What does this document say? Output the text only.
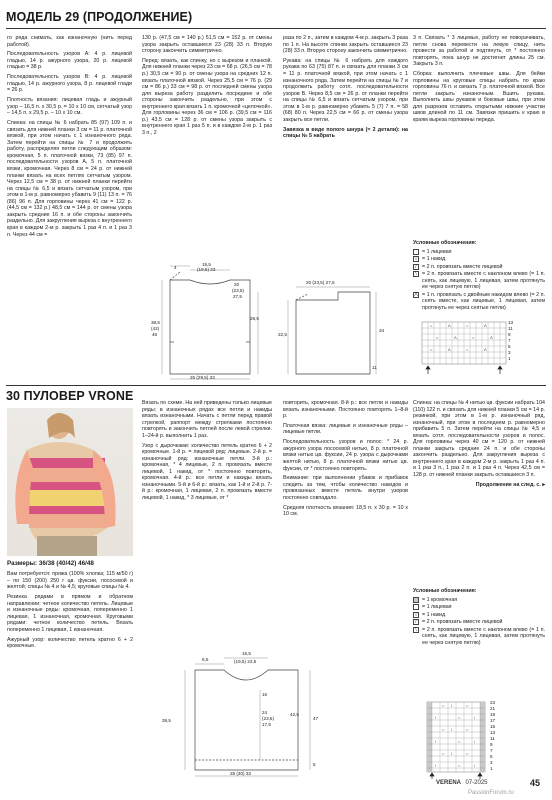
МОДЕЛЬ 29 (ПРОДОЛЖЕНИЕ)

го ряда снимать, как изнаночную (нить перед работой).

Последовательность узоров А: 4 р. лицевой гладью, 14 р. ажурного узора, 20 р. лицевой гладью = 38 р.

Последовательность узоров В: 4 р. лицевой гладью, 14 р. ажурного узора, 8 р. лицевой глади = 26 р.

Плотность вязания: лицевая гладь и ажурный узор – 16,5 п. x 30,5 р. = 10 x 10 см, сетчатый узор – 14,5 п. x 29,5 р. – 10 x 10 см.

Спинка: на спицы № 6 набрать 85 (97) 109 п. и связать для нижней планки 3 см = 11 р. платочной вязкой, при этом начать с 1 изнаночного ряда. Затем перейти на спицы № 7 и продолжить работу, распределяя петли следующим образом: кромочная, 5 п. платочной вязки, 73 (85) 97 п. последовательности узоров А, 5 п. платочной вязки, кромочная. Через 8 см = 24 р. от нижней планки вязать на всех петлях сетчатым узором. Через 12,5 см = 38 р. от нижней планки перейти на спицы № 6,5 и вязать сетчатым узором, при этом в 1-м р. равномерно убавить 9 (11) 13 п. = 76 (86) 96 п. Для горловины через 41 см = 122 р. (44,5 см = 132 р.) 48,5 см = 144 р. от смены узора закрыть средние 16 п. и обе стороны закончить раздельно. Для закругления выреза с внутреннего края в каждом 2-м р. закрыть 1 раз 4 п. и 1 раз 3 п. Через 44 см =

130 р. (47,5 см = 140 р.) 51,5 см = 152 р. от смены узора закрыть оставшиеся 23 (28) 33 п. Вторую сторону закончить симметрично.

Перед: вязать, как спинку, но с вырезом и планкой. Для нижней планки через 23 см = 68 р. (26,5 см = 78 р.) 30,5 см = 90 р. от смены узора на средних 12 п. вязать платочной вязкой. Через 25,5 см = 76 р. (29 см = 86 р.) 33 см = 98 р. от последней смены узора для выреза работу разделить посредине и обе стороны закончить раздельно, при этом с внутреннего края вязать 1 п. кромочной «цепочкой». Для горловины через 36 см = 106 р. (39,5 см = 116 р.) 43,5 см = 128 р. от смены узора закрыть с внутреннего края 1 раз 5 п. и в каждом 2-м р. 1 раз 3 п., 2

раза по 2 п., затем в каждом 4-м р. закрыть 3 раза по 1 п. На высоте спинки закрыть оставшиеся 23 (28) 33 п. Вторую сторону закончить симметрично.

Рукава: на спицы № 6 набрать для каждого рукава по 63 (75) 87 п. и связать для планки 3 см = 11 р. платочной вязкой, при этом начать с 1 изнаночного ряда. Затем перейти на спицы № 7 и продолжить работу сотл. последовательности узоров В. Через 8,5 см = 26 р. от планки перейти на спицы № 6,5 и вязать сетчатым узором, при этом в 1-м р. равномерно убавить 5 (7) 7 п. = 58 (68) 80 п. Через 22,5 см = 66 р. от смены узора закрыть все петли.

Завязка в виде полого шнура (= 2 детали): на спицы № 5 набрать

3 п. Связать * 3 лицевых, работу не поворачивать, петли снова перевести на левую спицу, нить провести за работой и подтянуть, от * постоянно повторять, пока шнур не достигнет длины 25 см. Закрыть 3 п.

Сборка: выполнить плечевые швы. Для бейки горловины на круговые спицы набрать по краю горловины 76 п. и связать 7 р. платочной вязкой. Все петли закрыть изнаночным. Вшить рукава. Выполнить швы рукавов и боковые швы, при этом для разрезов оставить открытыми нижние участки швов длиной по 11 см. Завязки пришить к краю в краям выреза горловины переда.

15,5
(19,5) 23
4
20
(23,5)
27,5
28,5
38,5
(42)
46
26 (29,5) 33
20 (23,5) 27,5
22,5
34
11

Условные обозначения:

= 1 лицевая
○ = 1 накид
/	= 2 п. провязать вместе лицевой
\	= 2 п. провязать вместе с наклоном влево (= 1 п. снять, как лицевую, 1 лицевая, затем протянуть ее через снятую петлю)
Λ = 1 п. провязать с двойным накидом влево (= 2 п. снять вместе, как лицевые, 1 лицевая, затем протянуть ее через снятые петли)
○	Λ	○	Λ
○	Λ	○	Λ
○	Λ	○	Λ
13
11
9
7
5
3
1
30 ПУЛОВЕР VRONE

Размеры: 36/38 (40/42) 46/48

Вам потребуется: пряжа (100% хлопка; 115 м/50 г) – по 150 (200) 250 г цв. фуксии, лососевой и желтой; спицы № 4 и № 4,5; круговые спицы № 4.

Резинка рядами в прямом и обратном направлении: четное количество петель. Лицевые и изнаночные ряды: кромочная, попеременно 1 лицевая, 1 изнаночная, кромочная. Круговыми рядами: четное количество петель. Вязать попеременно 1 лицевая, 1 изнаночная.

Ажурный узор: количество петель кратно 6 + 2 кромочные.

Вязать по схеме. На ней приведены только лицевые ряды; в изнаночных рядах все петли и накиды вязать изнаночными. Начать с петли перед правой стрелкой, раппорт между стрелками постоянно повторять и закончить петлей после левой стрелки. 1–24-й р. выполнить 1 раз.

Узор с дырочками: количество петель кратно 6 + 2 кромочные. 1-й р. = лицевой ряд: лицевые. 2-й р. = изнаночный ряд: изнаночные петли. 3-й р.: кромочная, * 4 лицевые, 2 п. провязать вместе лицевой, 1 накид, от * постоянно повторять, кромочная. 4-й р.: все петли и накиды вязать изнаночными. 5-й и 6-й р.: вязать, как 1-й и 2-й р. 7-й р.: кромочная, 1 лицевая, 2 п. провязать вместе лицевой, 1 накид, * 3 лицевые, от *

повторить, кромочная. 8-й р.: все петли и накиды вязать изнаночными. Постоянно повторять 1–8-й р.

Платочная вязка: лицевые и изнаночные ряды – лицевые петли.

Последовательность узоров и полос: * 24 р. ажурного узора лососевой нитью, 8 р. платочной вязки нитью цв. фуксии, 24 р. узора с дырочками желтой нитью, 8 р. платочной вязки нитью цв. фуксии, от * постоянно повторять.

Внимание: при выполнении убавок и прибавок следить за тем, чтобы количество накидов и провязанных вместе петель внутри узоров постоянно совпадало.

Средняя плотность вязания: 18,5 п. x 30 р. = 10 x 10 см.

Спинка: на спицы № 4 нитью цв. фуксии набрать 104 (110) 122 п. и связать для нижней планки 5 см = 14 р. резинкой, при этом в 1-м р. изнаночный ряд, изнаночный, при этом в последнем р. равномерно прибавить 5 п. Затем перейти на спицы № 4,5 и вязать сотл. последовательности узоров и полос. Для горловины через 40 см = 120 р. от нижней планки закрыть средние 24 п. и обе стороны закончить раздельно. Для закругления выреза с внутреннего края в каждом 2-м р. закрыть 1 раз 4 п. и 1 раз 3 п., 1 раз 2 п. и 1 раз 4 п. Через 42,5 см = 128 р. от нижней планки закрыть оставшиеся 3 п.

Продолжение на след. с. ▸

16,5
(19,5) 22,5
6,5
39,5
16
24
(23,5)
17,5
42,5
47
28 (30) 33
5

Условные обозначения:

= 1 кромочная
= 1 лицевая
○ = 1 накид
/	= 2 п. провязать вместе лицевой
\	= 2 п. провязать вместе с наклоном влево (= 1 п. снять, как лицевую, 1 лицевая, затем протянуть ее через снятую петлю)
○ /	○
\	○	/
○ /	○
\	○	/
○ /	○
\	○	/
23
21
19
17
15
13
11
9
7
5
3
1
VERENA 07-2025	45
PassionForum.ru
